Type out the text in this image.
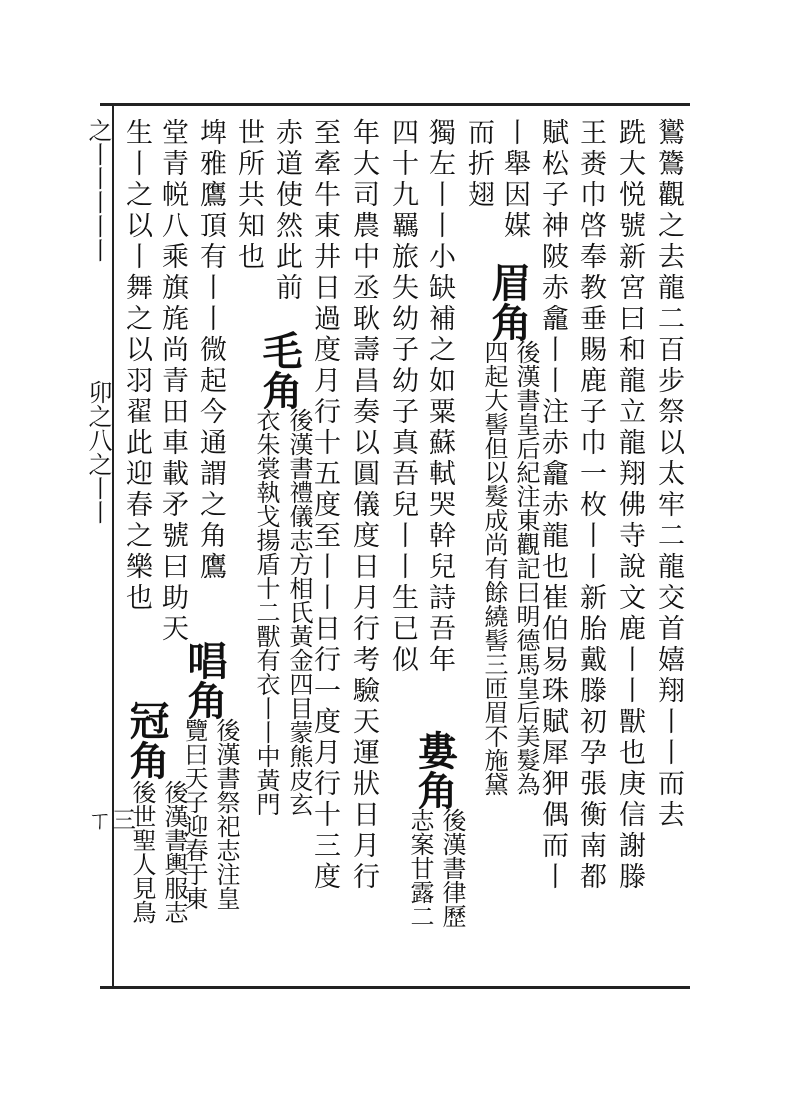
之丨丨丨丨丨
卯之八之丨丨
ㄒ三	鸑鷟觀之去龍二百步祭以太牢二龍交首嬉翔丨丨而去
跣大悦號新宮曰和龍立龍翔佛寺說文鹿丨丨獸也庚信謝滕
王赉巾啓奉教垂賜鹿子巾一枚丨丨新胎戴滕初孕張衡南都
賦松子神陂赤龕丨丨注赤龕赤龍也崔伯易珠賦犀狎偶而丨
丨舉因媒
眉角
後漢書皇后紀注東觀記曰明德馬皇后美髮為
四起大髻但以髮成尚有餘繞髻三匝眉不施黛
而折翅
獨左丨丨小缺補之如粟蘇軾哭幹兒詩吾年
四十九羈旅失幼子幼子真吾兒丨丨生已似
婁角
後漢書律歷
志案甘露二
年大司農中丞耿壽昌奏以圓儀度日月行考驗天運狀日月行
至牽牛東井日過度月行十五度至丨丨日行一度月行十三度
赤道使然此前
世所共知也
毛角
後漢書禮儀志方相氏黃金四目蒙熊皮玄
衣朱裳執戈揚盾十二獸有衣丨丨中黃門
埤雅鷹頂有丨丨微起今通謂之角鷹
唱角
後漢書祭祀志注皇
覽曰天子迎春于東
堂青帨八乘旗旄尚青田車載矛號曰助天
生丨之以丨舞之以羽翟此迎春之樂也
冠角
後漢書輿服志
後世聖人見鳥
